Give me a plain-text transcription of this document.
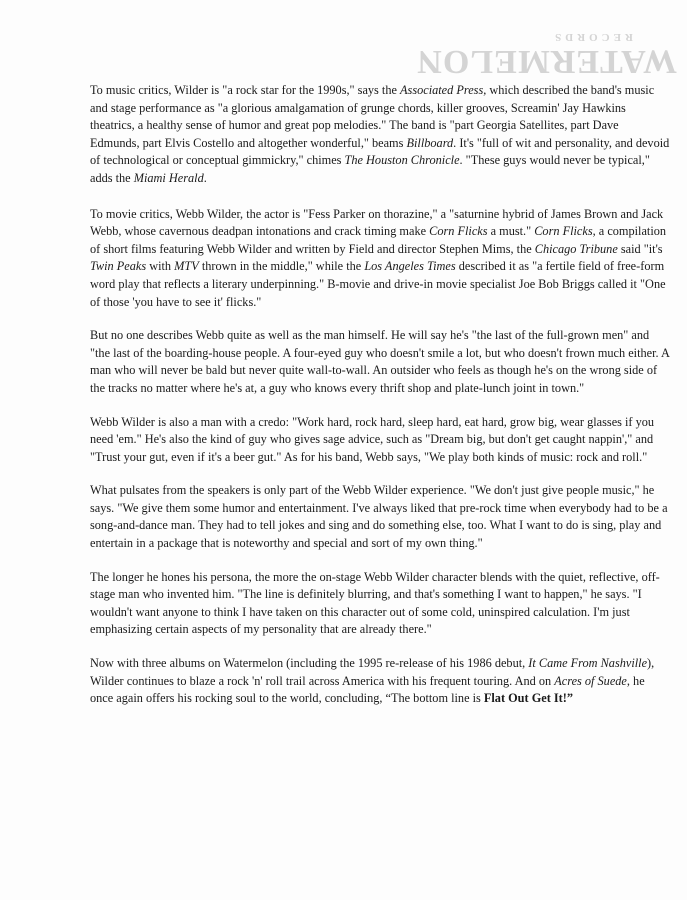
WATERMELON
RECORDS

To music critics, Wilder is "a rock star for the 1990s," says the Associated Press, which described the band's music and stage performance as "a glorious amalgamation of grunge chords, killer grooves, Screamin' Jay Hawkins theatrics, a healthy sense of humor and great pop melodies." The band is "part Georgia Satellites, part Dave Edmunds, part Elvis Costello and altogether wonderful," beams Billboard. It's "full of wit and personality, and devoid of technological or conceptual gimmickry," chimes The Houston Chronicle. "These guys would never be typical," adds the Miami Herald.

To movie critics, Webb Wilder, the actor is "Fess Parker on thorazine," a "saturnine hybrid of James Brown and Jack Webb, whose cavernous deadpan intonations and crack timing make Corn Flicks a must." Corn Flicks, a compilation of short films featuring Webb Wilder and written by Field and director Stephen Mims, the Chicago Tribune said "it's Twin Peaks with MTV thrown in the middle," while the Los Angeles Times described it as "a fertile field of free-form word play that reflects a literary underpinning." B-movie and drive-in movie specialist Joe Bob Briggs called it "One of those 'you have to see it' flicks."

But no one describes Webb quite as well as the man himself. He will say he's "the last of the full-grown men" and "the last of the boarding-house people. A four-eyed guy who doesn't smile a lot, but who doesn't frown much either. A man who will never be bald but never quite wall-to-wall. An outsider who feels as though he's on the wrong side of the tracks no matter where he's at, a guy who knows every thrift shop and plate-lunch joint in town."

Webb Wilder is also a man with a credo: "Work hard, rock hard, sleep hard, eat hard, grow big, wear glasses if you need 'em." He's also the kind of guy who gives sage advice, such as "Dream big, but don't get caught nappin'," and "Trust your gut, even if it's a beer gut." As for his band, Webb says, "We play both kinds of music: rock and roll."

What pulsates from the speakers is only part of the Webb Wilder experience. "We don't just give people music," he says. "We give them some humor and entertainment. I've always liked that pre-rock time when everybody had to be a song-and-dance man. They had to tell jokes and sing and do something else, too. What I want to do is sing, play and entertain in a package that is noteworthy and special and sort of my own thing."

The longer he hones his persona, the more the on-stage Webb Wilder character blends with the quiet, reflective, off-stage man who invented him. "The line is definitely blurring, and that's something I want to happen," he says. "I wouldn't want anyone to think I have taken on this character out of some cold, uninspired calculation. I'm just emphasizing certain aspects of my personality that are already there."

Now with three albums on Watermelon (including the 1995 re-release of his 1986 debut, It Came From Nashville), Wilder continues to blaze a rock 'n' roll trail across America with his frequent touring. And on Acres of Suede, he once again offers his rocking soul to the world, concluding, “The bottom line is Flat Out Get It!”
